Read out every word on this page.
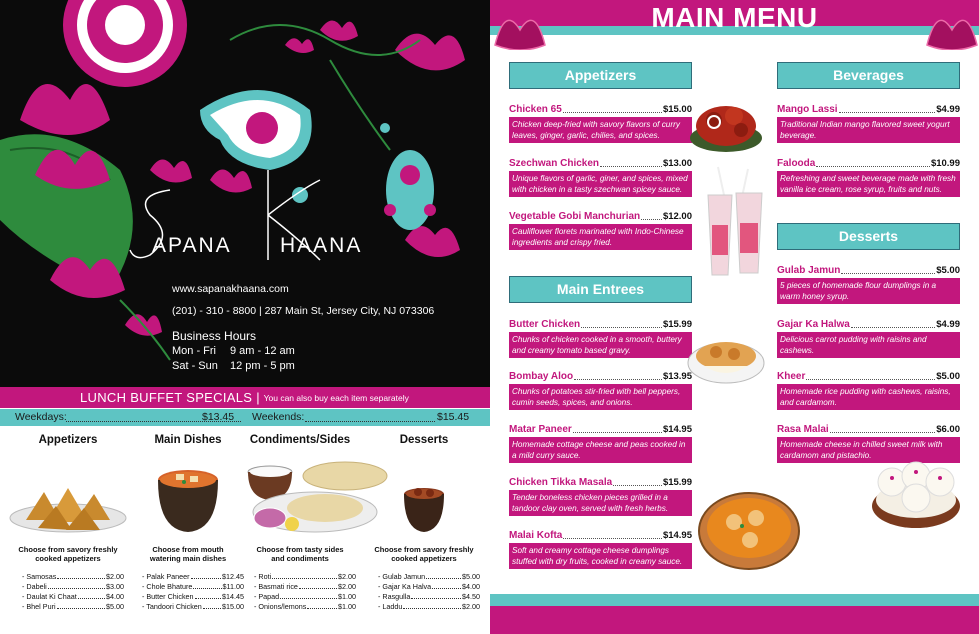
APANA HAANA
www.sapanakhaana.com
(201) - 310 - 8800 | 287 Main St, Jersey City, NJ 073306
Business Hours
Mon - Fri 9 am - 12 am
Sat - Sun 12 pm - 5 pm
LUNCH BUFFET SPECIALS | You can also buy each item separately
Weekdays:	$13.45 Weekends:	$15.45
Appetizers
Choose from savory freshly
cooked appetizers
- Samosas	$2.00
- Dabeli	$3.00
- Daulat Ki Chaat	$4.00
- Bhel Puri	$5.00
Main Dishes
Choose from mouth
watering main dishes
- Palak Paneer	$12.45
- Chole Bhature	$11.00
- Butter Chicken	$14.45
- Tandoori Chicken	$15.00
Condiments/Sides
Choose from tasty sides
and condiments
- Roti	$2.00
- Basmati rice	$2.00
- Papad	$1.00
- Onions/lemons	$1.00
Desserts
Choose from savory freshly
cooked appetizers
- Gulab Jamun	$5.00
- Gajar Ka Halva	$4.00
- Rasgulla	$4.50
- Laddu	$2.00
MAIN MENU
Appetizers
Chicken 65	$15.00
Chicken deep-fried with savory flavors of curry
leaves, ginger, garlic, chilies, and spices.
Szechwan Chicken	$13.00
Unique flavors of garlic, giner, and spices, mixed
with chicken in a tasty szechwan spicey sauce.
Vegetable Gobi Manchurian $12.00
Cauliflower florets marinated with Indo-Chinese
ingredients and crispy fried.
Main Entrees
Butter Chicken	$15.99
Chunks of chicken cooked in a smooth, buttery
and creamy tomato based gravy.
Bombay Aloo	$13.95
Chunks of potatoes stir-fried with bell peppers,
cumin seeds, spices, and onions.
Matar Paneer	$14.95
Homemade cottage cheese and peas cooked in
a mild curry sauce.
Chicken Tikka Masala	$15.99
Tender boneless chicken pieces grilled in a
tandoor clay oven, served with fresh herbs.
Malai Kofta	$14.95
Soft and creamy cottage cheese dumplings
stuffed with dry fruits, cooked in creamy sauce.
Beverages
Mango Lassi	$4.99
Traditional Indian mango flavored sweet yogurt
beverage.
Falooda	$10.99
Refreshing and sweet beverage made with fresh
vanilla ice cream, rose syrup, fruits and nuts.
Desserts
Gulab Jamun	$5.00
5 pieces of homemade flour dumplings in a
warm honey syrup.
Gajar Ka Halwa	$4.99
Delicious carrot pudding with raisins and
cashews.
Kheer	$5.00
Homemade rice pudding with cashews, raisins,
and cardamom.
Rasa Malai	$6.00
Homemade cheese in chilled sweet milk with
cardamom and pistachio.
